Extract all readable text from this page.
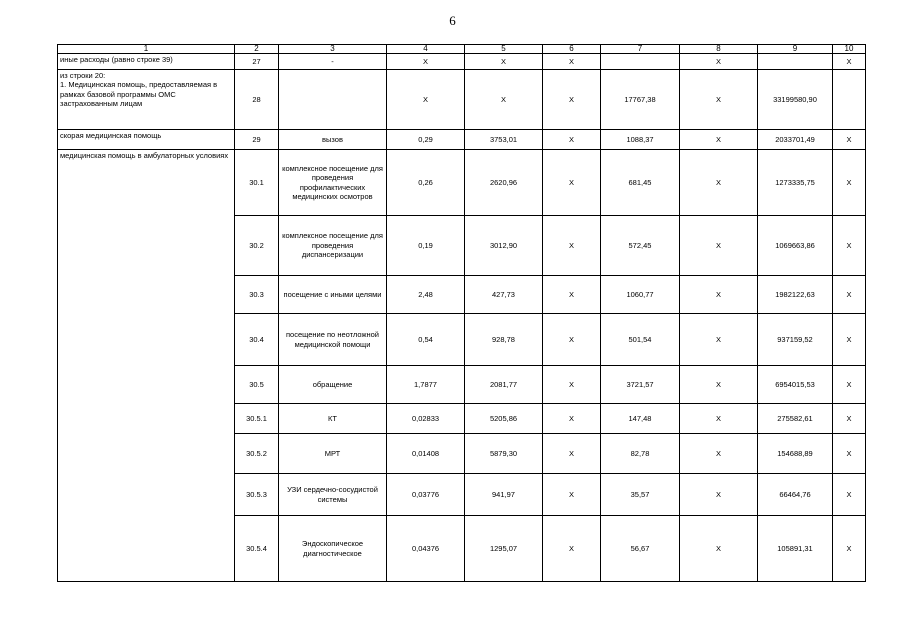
6
1	2	3	4	5	6	7	8	9	10

иные расходы (равно строке 39)	27	-	X	X	X		X		X

из строки 20:
1. Медицинская помощь, предоставляемая в рамках базовой программы ОМС застрахованным лицам	28		X	X	X	17767,38	X	33199580,90	

скорая медицинская помощь	29	вызов	0,29	3753,01	X	1088,37	X	2033701,49	X

медицинская помощь в амбулаторных условиях	30.1	комплексное посещение для проведения профилактических медицинских осмотров	0,26	2620,96	X	681,45	X	1273335,75	X
	30.2	комплексное посещение для проведения диспансеризации	0,19	3012,90	X	572,45	X	1069663,86	X
	30.3	посещение с иными целями	2,48	427,73	X	1060,77	X	1982122,63	X
	30.4	посещение по неотложной медицинской помощи	0,54	928,78	X	501,54	X	937159,52	X
	30.5	обращение	1,7877	2081,77	X	3721,57	X	6954015,53	X
	30.5.1	КТ	0,02833	5205,86	X	147,48	X	275582,61	X
	30.5.2	МРТ	0,01408	5879,30	X	82,78	X	154688,89	X
	30.5.3	УЗИ сердечно-сосудистой системы	0,03776	941,97	X	35,57	X	66464,76	X
	30.5.4	Эндоскопическое диагностическое	0,04376	1295,07	X	56,67	X	105891,31	X
